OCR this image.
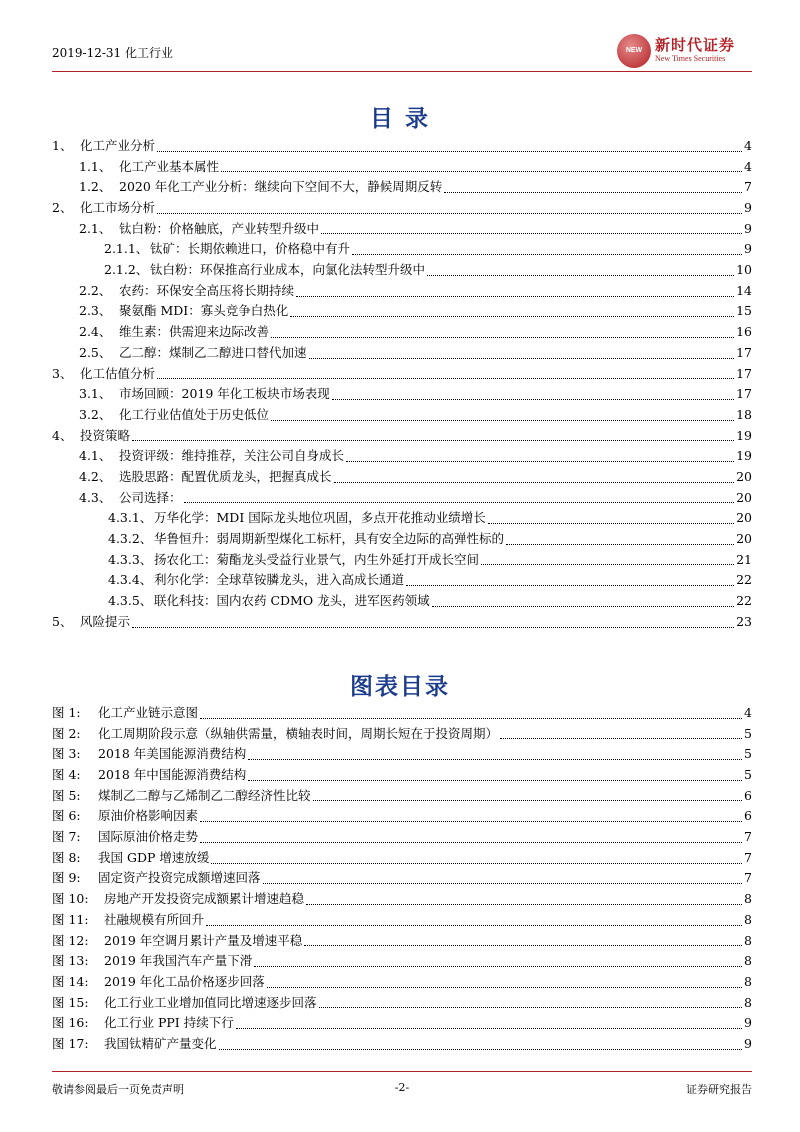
2019-12-31 化工行业	NEW TIMES
新时代证券
New Times Securities
目 录
1、 化工产业分析	4
1.1、 化工产业基本属性	4
1.2、 2020 年化工产业分析：继续向下空间不大，静候周期反转	7
2、 化工市场分析	9
2.1、 钛白粉：价格触底，产业转型升级中	9
2.1.1、 钛矿：长期依赖进口，价格稳中有升	9
2.1.2、 钛白粉：环保推高行业成本，向氯化法转型升级中	10
2.2、 农药：环保安全高压将长期持续	14
2.3、 聚氨酯 MDI：寡头竞争白热化	15
2.4、 维生素：供需迎来边际改善	16
2.5、 乙二醇：煤制乙二醇进口替代加速	17
3、 化工估值分析	17
3.1、 市场回顾：2019 年化工板块市场表现	17
3.2、 化工行业估值处于历史低位	18
4、 投资策略	19
4.1、 投资评级：维持推荐，关注公司自身成长	19
4.2、 选股思路：配置优质龙头，把握真成长	20
4.3、 公司选择：	20
4.3.1、 万华化学：MDI 国际龙头地位巩固，多点开花推动业绩增长	20
4.3.2、 华鲁恒升：弱周期新型煤化工标杆，具有安全边际的高弹性标的	20
4.3.3、 扬农化工：菊酯龙头受益行业景气，内生外延打开成长空间	21
4.3.4、 利尔化学：全球草铵膦龙头，进入高成长通道	22
4.3.5、 联化科技：国内农药 CDMO 龙头，进军医药领域	22
5、 风险提示	23
图表目录
图 1:	化工产业链示意图	4
图 2:	化工周期阶段示意（纵轴供需量，横轴表时间，周期长短在于投资周期）	5
图 3:	2018 年美国能源消费结构	5
图 4:	2018 年中国能源消费结构	5
图 5:	煤制乙二醇与乙烯制乙二醇经济性比较	6
图 6:	原油价格影响因素	6
图 7:	国际原油价格走势	7
图 8:	我国 GDP 增速放缓	7
图 9:	固定资产投资完成额增速回落	7
图 10:	房地产开发投资完成额累计增速趋稳	8
图 11:	社融规模有所回升	8
图 12:	2019 年空调月累计产量及增速平稳	8
图 13:	2019 年我国汽车产量下滑	8
图 14:	2019 年化工品价格逐步回落	8
图 15:	化工行业工业增加值同比增速逐步回落	8
图 16:	化工行业 PPI 持续下行	9
图 17:	我国钛精矿产量变化	9
敬请参阅最后一页免责声明	-2-	证券研究报告
